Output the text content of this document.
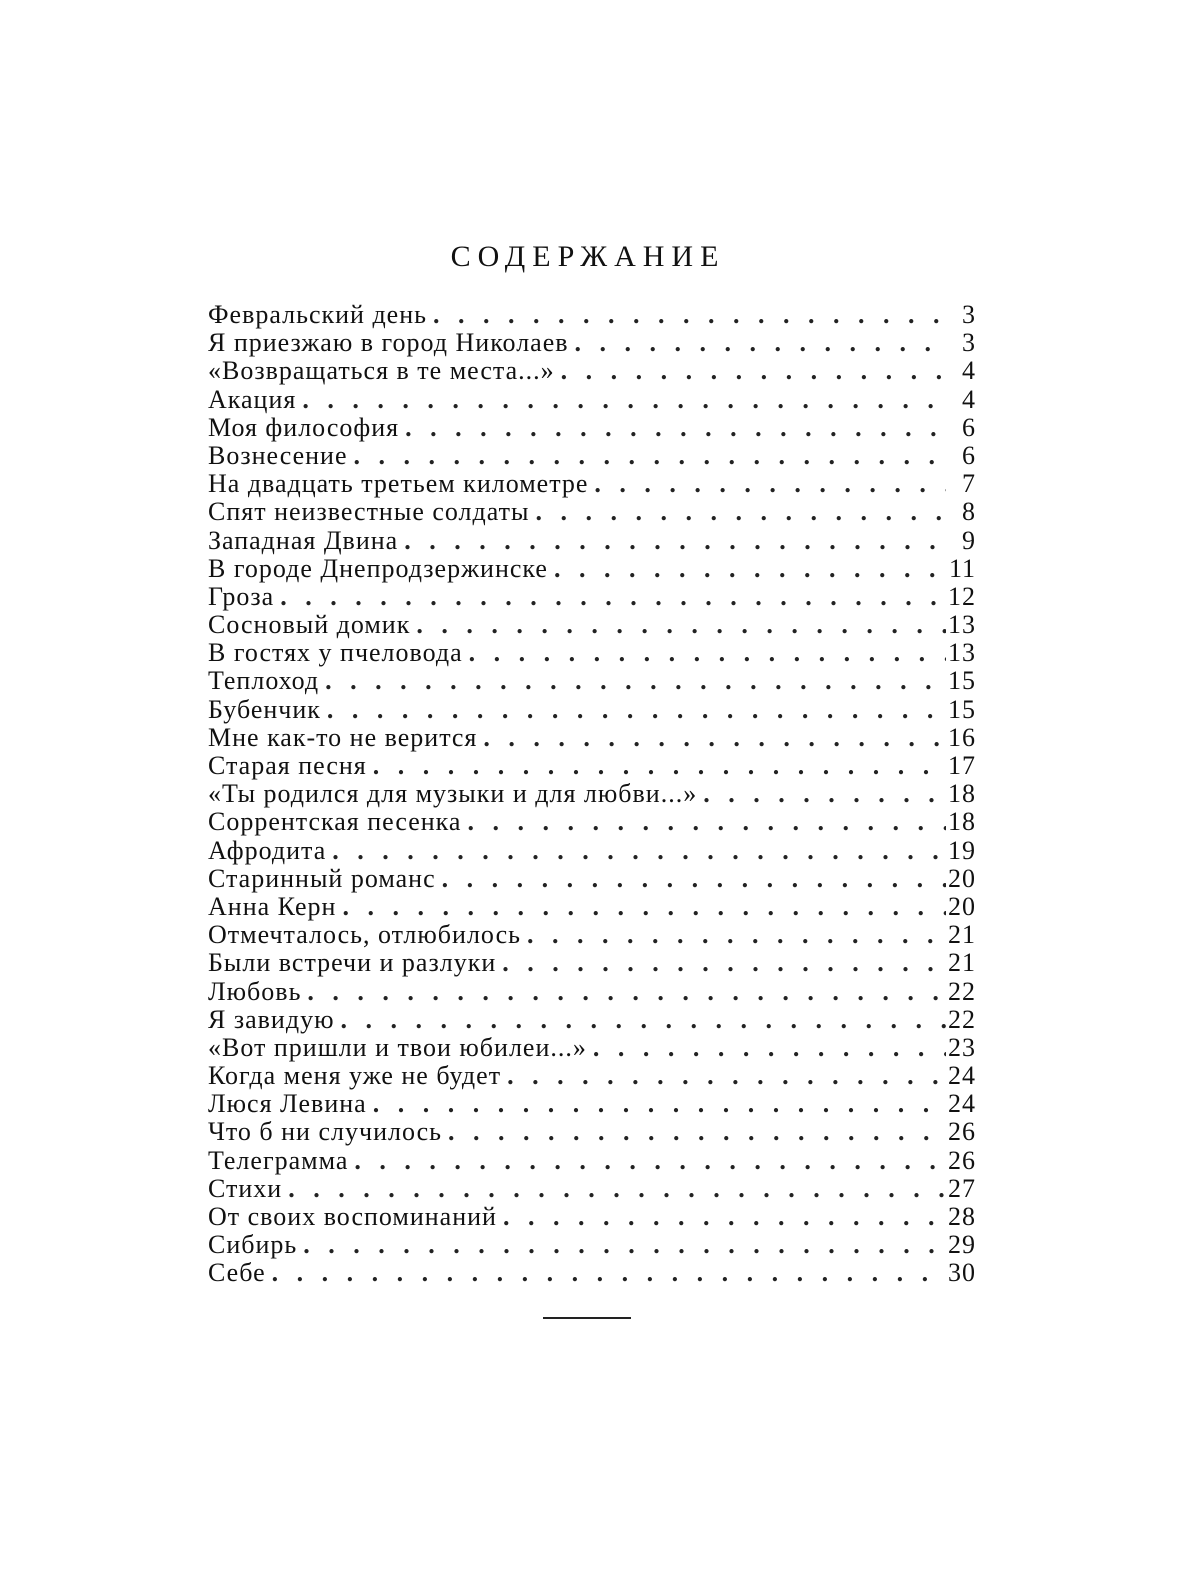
СОДЕРЖАНИЕ
Февральский день . . .	3
Я приезжаю в город Николаев . . .	3
«Возвращаться в те места...» . . .	4
Акация . . .	4
Моя философия . . .	6
Вознесение . . .	6
На двадцать третьем километре . . .	7
Спят неизвестные солдаты . . .	8
Западная Двина . . .	9
В городе Днепродзержинске . . .	11
Гроза . . .	12
Сосновый домик . . .	13
В гостях у пчеловода . . .	13
Теплоход . . .	15
Бубенчик . . .	15
Мне как-то не верится . . .	16
Старая песня . . .	17
«Ты родился для музыки и для любви...» . . .	18
Соррентская песенка . . .	18
Афродита . . .	19
Старинный романс . . .	20
Анна Керн . . .	20
Отмечталось, отлюбилось . . .	21
Были встречи и разлуки . . .	21
Любовь . . .	22
Я завидую . . .	22
«Вот пришли и твои юбилеи...» . . .	23
Когда меня уже не будет . . .	24
Люся Левина . . .	24
Что б ни случилось . . .	26
Телеграмма . . .	26
Стихи . . .	27
От своих воспоминаний . . .	28
Сибирь . . .	29
Себе . . .	30
